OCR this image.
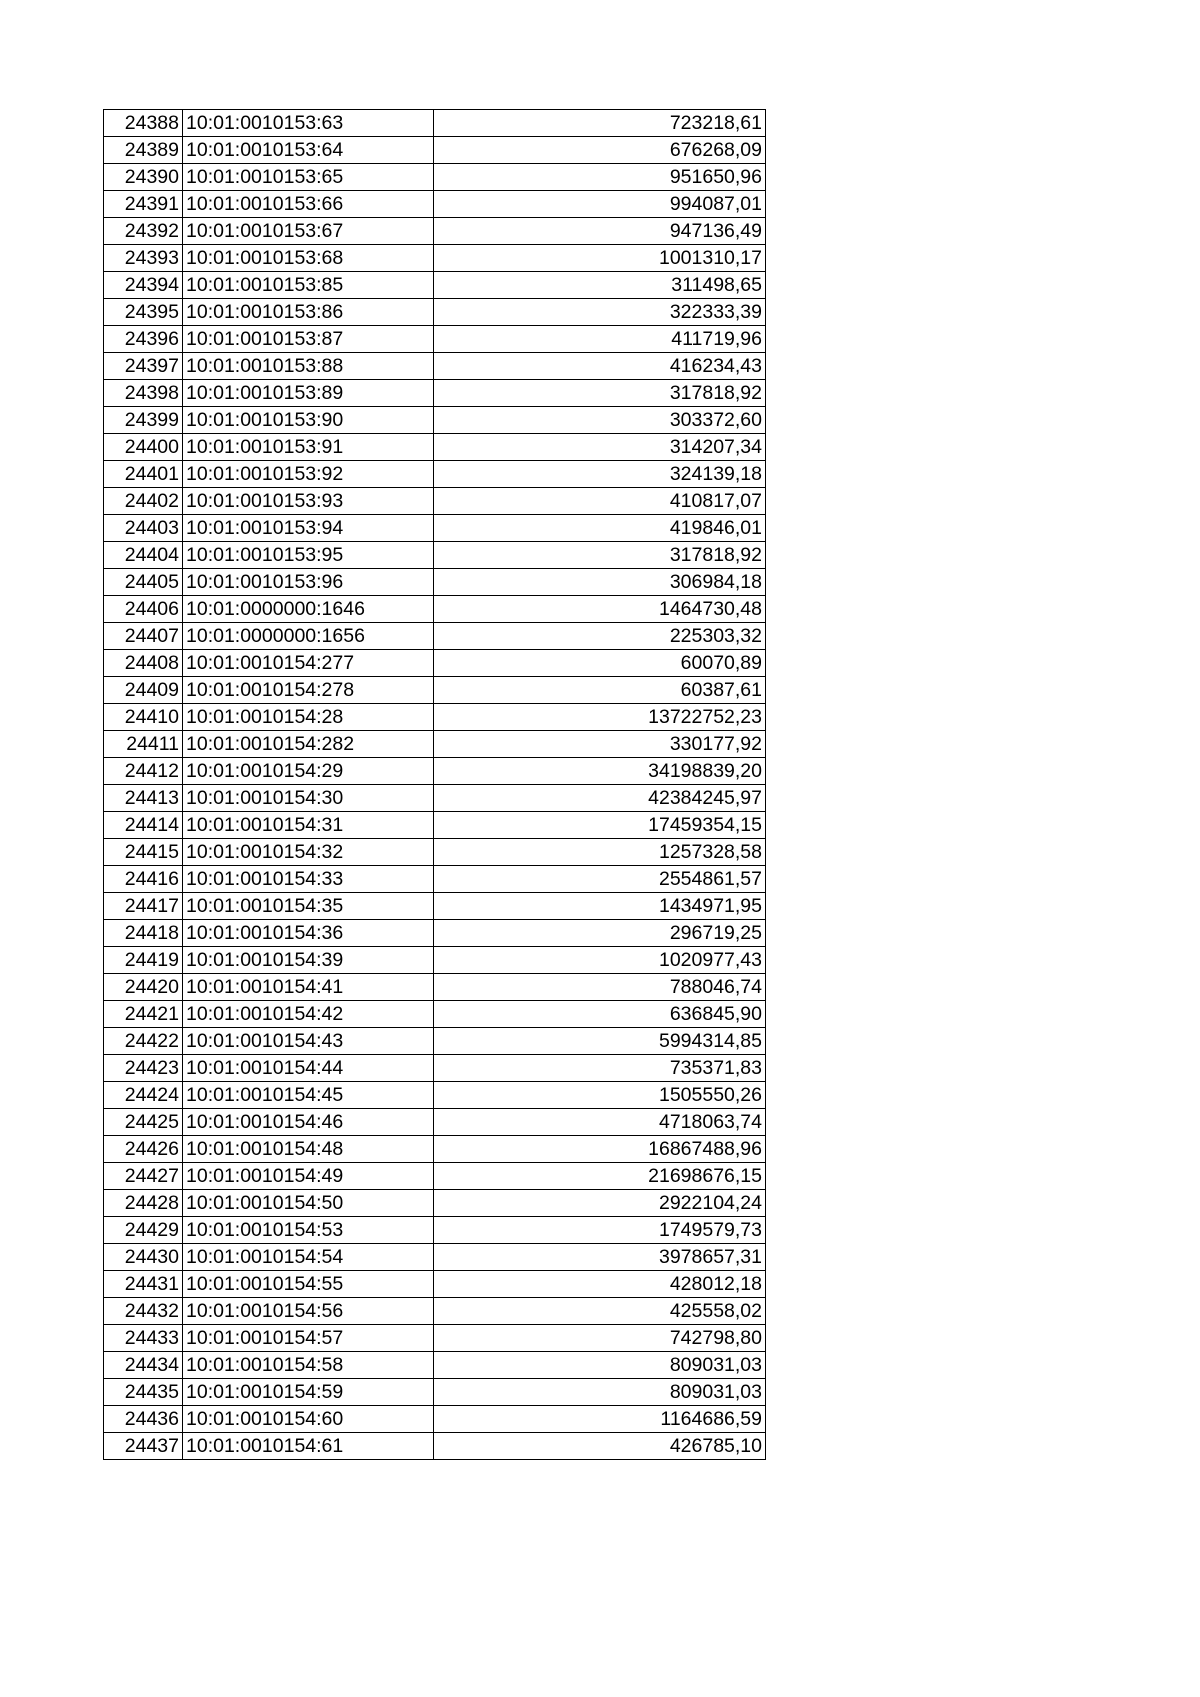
24388	10:01:0010153:63	723218,61
24389	10:01:0010153:64	676268,09
24390	10:01:0010153:65	951650,96
24391	10:01:0010153:66	994087,01
24392	10:01:0010153:67	947136,49
24393	10:01:0010153:68	1001310,17
24394	10:01:0010153:85	311498,65
24395	10:01:0010153:86	322333,39
24396	10:01:0010153:87	411719,96
24397	10:01:0010153:88	416234,43
24398	10:01:0010153:89	317818,92
24399	10:01:0010153:90	303372,60
24400	10:01:0010153:91	314207,34
24401	10:01:0010153:92	324139,18
24402	10:01:0010153:93	410817,07
24403	10:01:0010153:94	419846,01
24404	10:01:0010153:95	317818,92
24405	10:01:0010153:96	306984,18
24406	10:01:0000000:1646	1464730,48
24407	10:01:0000000:1656	225303,32
24408	10:01:0010154:277	60070,89
24409	10:01:0010154:278	60387,61
24410	10:01:0010154:28	13722752,23
24411	10:01:0010154:282	330177,92
24412	10:01:0010154:29	34198839,20
24413	10:01:0010154:30	42384245,97
24414	10:01:0010154:31	17459354,15
24415	10:01:0010154:32	1257328,58
24416	10:01:0010154:33	2554861,57
24417	10:01:0010154:35	1434971,95
24418	10:01:0010154:36	296719,25
24419	10:01:0010154:39	1020977,43
24420	10:01:0010154:41	788046,74
24421	10:01:0010154:42	636845,90
24422	10:01:0010154:43	5994314,85
24423	10:01:0010154:44	735371,83
24424	10:01:0010154:45	1505550,26
24425	10:01:0010154:46	4718063,74
24426	10:01:0010154:48	16867488,96
24427	10:01:0010154:49	21698676,15
24428	10:01:0010154:50	2922104,24
24429	10:01:0010154:53	1749579,73
24430	10:01:0010154:54	3978657,31
24431	10:01:0010154:55	428012,18
24432	10:01:0010154:56	425558,02
24433	10:01:0010154:57	742798,80
24434	10:01:0010154:58	809031,03
24435	10:01:0010154:59	809031,03
24436	10:01:0010154:60	1164686,59
24437	10:01:0010154:61	426785,10
